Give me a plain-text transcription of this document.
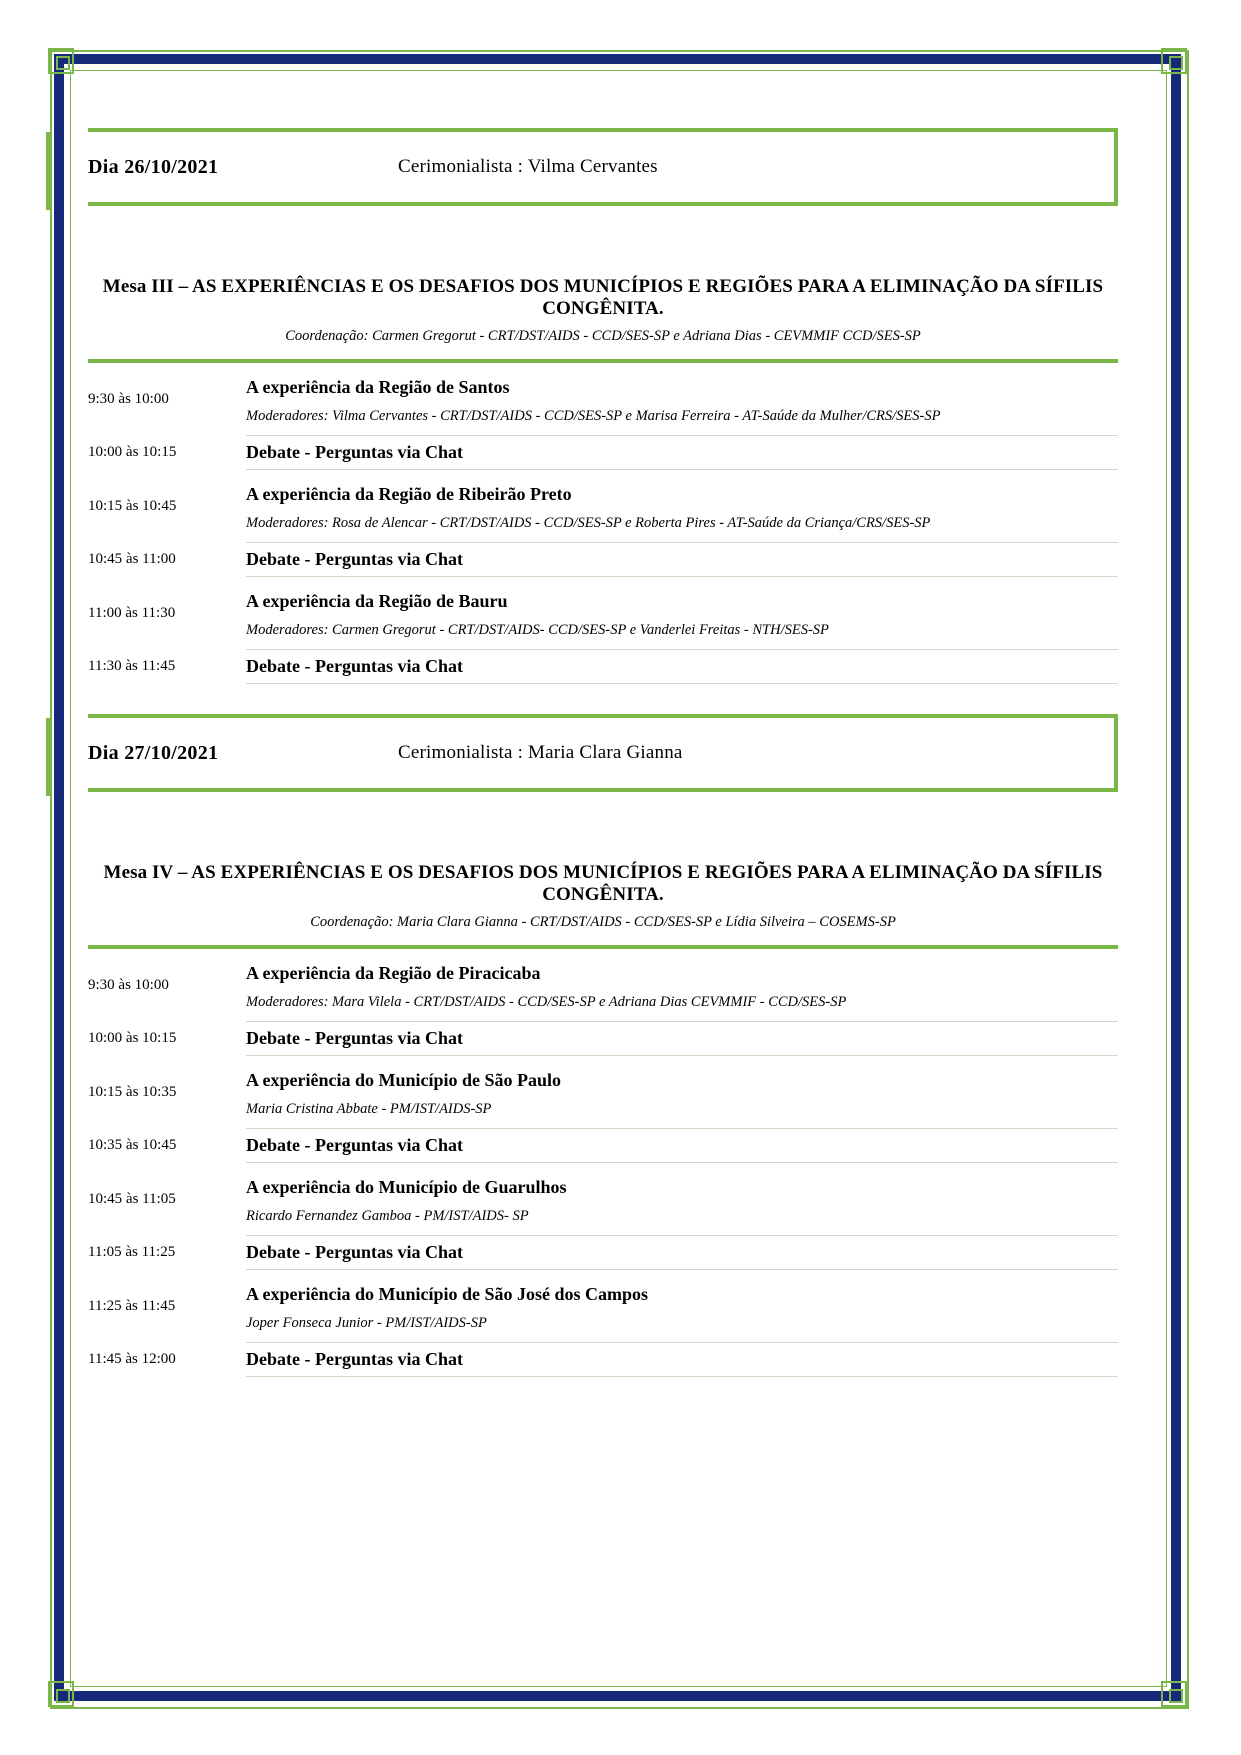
Dia 26/10/2021	Cerimonialista : Vilma Cervantes
Mesa III – AS EXPERIÊNCIAS E OS DESAFIOS DOS MUNICÍPIOS E REGIÕES PARA A ELIMINAÇÃO DA SÍFILIS CONGÊNITA.
Coordenação: Carmen Gregorut - CRT/DST/AIDS - CCD/SES-SP e Adriana Dias - CEVMMIF CCD/SES-SP
9:30 às 10:00	A experiência da Região de Santos
Moderadores: Vilma Cervantes - CRT/DST/AIDS - CCD/SES-SP e Marisa Ferreira - AT-Saúde da Mulher/CRS/SES-SP

10:00 às 10:15	Debate - Perguntas via Chat

10:15 às 10:45	A experiência da Região de Ribeirão Preto
Moderadores: Rosa de Alencar - CRT/DST/AIDS - CCD/SES-SP e Roberta Pires - AT-Saúde da Criança/CRS/SES-SP

10:45 às 11:00	Debate - Perguntas via Chat

11:00 às 11:30	A experiência da Região de Bauru
Moderadores: Carmen Gregorut - CRT/DST/AIDS- CCD/SES-SP e Vanderlei Freitas - NTH/SES-SP

11:30 às 11:45	Debate - Perguntas via Chat
Dia 27/10/2021	Cerimonialista : Maria Clara Gianna
Mesa IV – AS EXPERIÊNCIAS E OS DESAFIOS DOS MUNICÍPIOS E REGIÕES PARA A ELIMINAÇÃO DA SÍFILIS CONGÊNITA.
Coordenação: Maria Clara Gianna - CRT/DST/AIDS - CCD/SES-SP e Lídia Silveira – COSEMS-SP
9:30 às 10:00	A experiência da Região de Piracicaba
Moderadores: Mara Vilela - CRT/DST/AIDS - CCD/SES-SP e Adriana Dias CEVMMIF - CCD/SES-SP

10:00 às 10:15	Debate - Perguntas via Chat

10:15 às 10:35	A experiência do Município de São Paulo
Maria Cristina Abbate - PM/IST/AIDS-SP

10:35 às 10:45	Debate - Perguntas via Chat

10:45 às 11:05	A experiência do Município de Guarulhos
Ricardo Fernandez Gamboa - PM/IST/AIDS- SP

11:05 às 11:25	Debate - Perguntas via Chat

11:25 às 11:45	A experiência do Município de São José dos Campos
Joper Fonseca Junior - PM/IST/AIDS-SP

11:45 às 12:00	Debate - Perguntas via Chat
